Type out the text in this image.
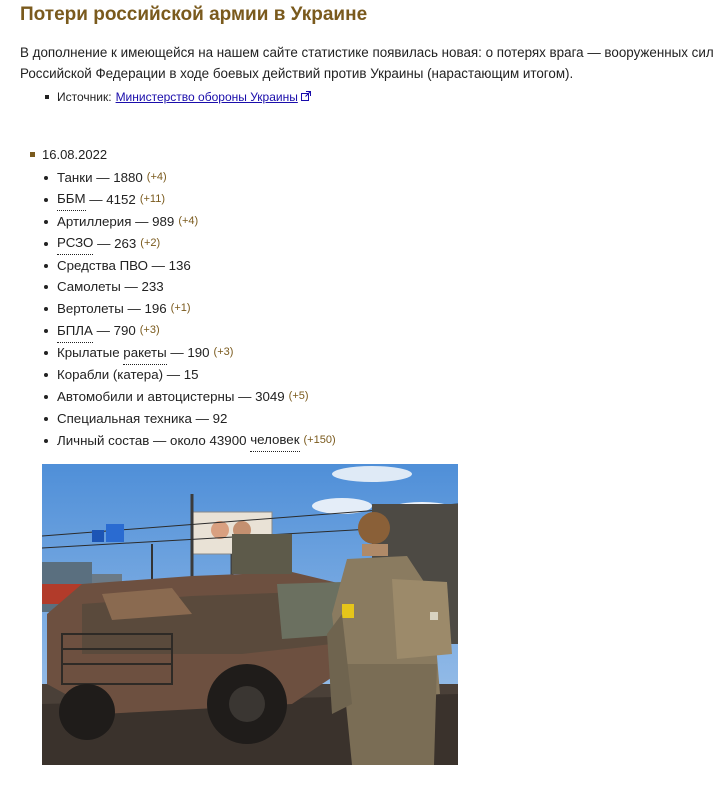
Потери российской армии в Украине

В дополнение к имеющейся на нашем сайте статистике появилась новая: о потерях врага — вооруженных сил
Российской Федерации в ходе боевых действий против Украины (нарастающим итогом).

Источник: Министерство обороны Украины
16.08.2022
Танки — 1880 (+4)
ББМ — 4152 (+11)
Артиллерия — 989 (+4)
РСЗО — 263 (+2)
Средства ПВО — 136
Самолеты — 233
Вертолеты — 196 (+1)
БПЛА — 790 (+3)
Крылатые ракеты — 190 (+3)
Корабли (катера) — 15
Автомобили и автоцистерны — 3049 (+5)
Специальная техника — 92
Личный состав — около 43900
человек (+150)
